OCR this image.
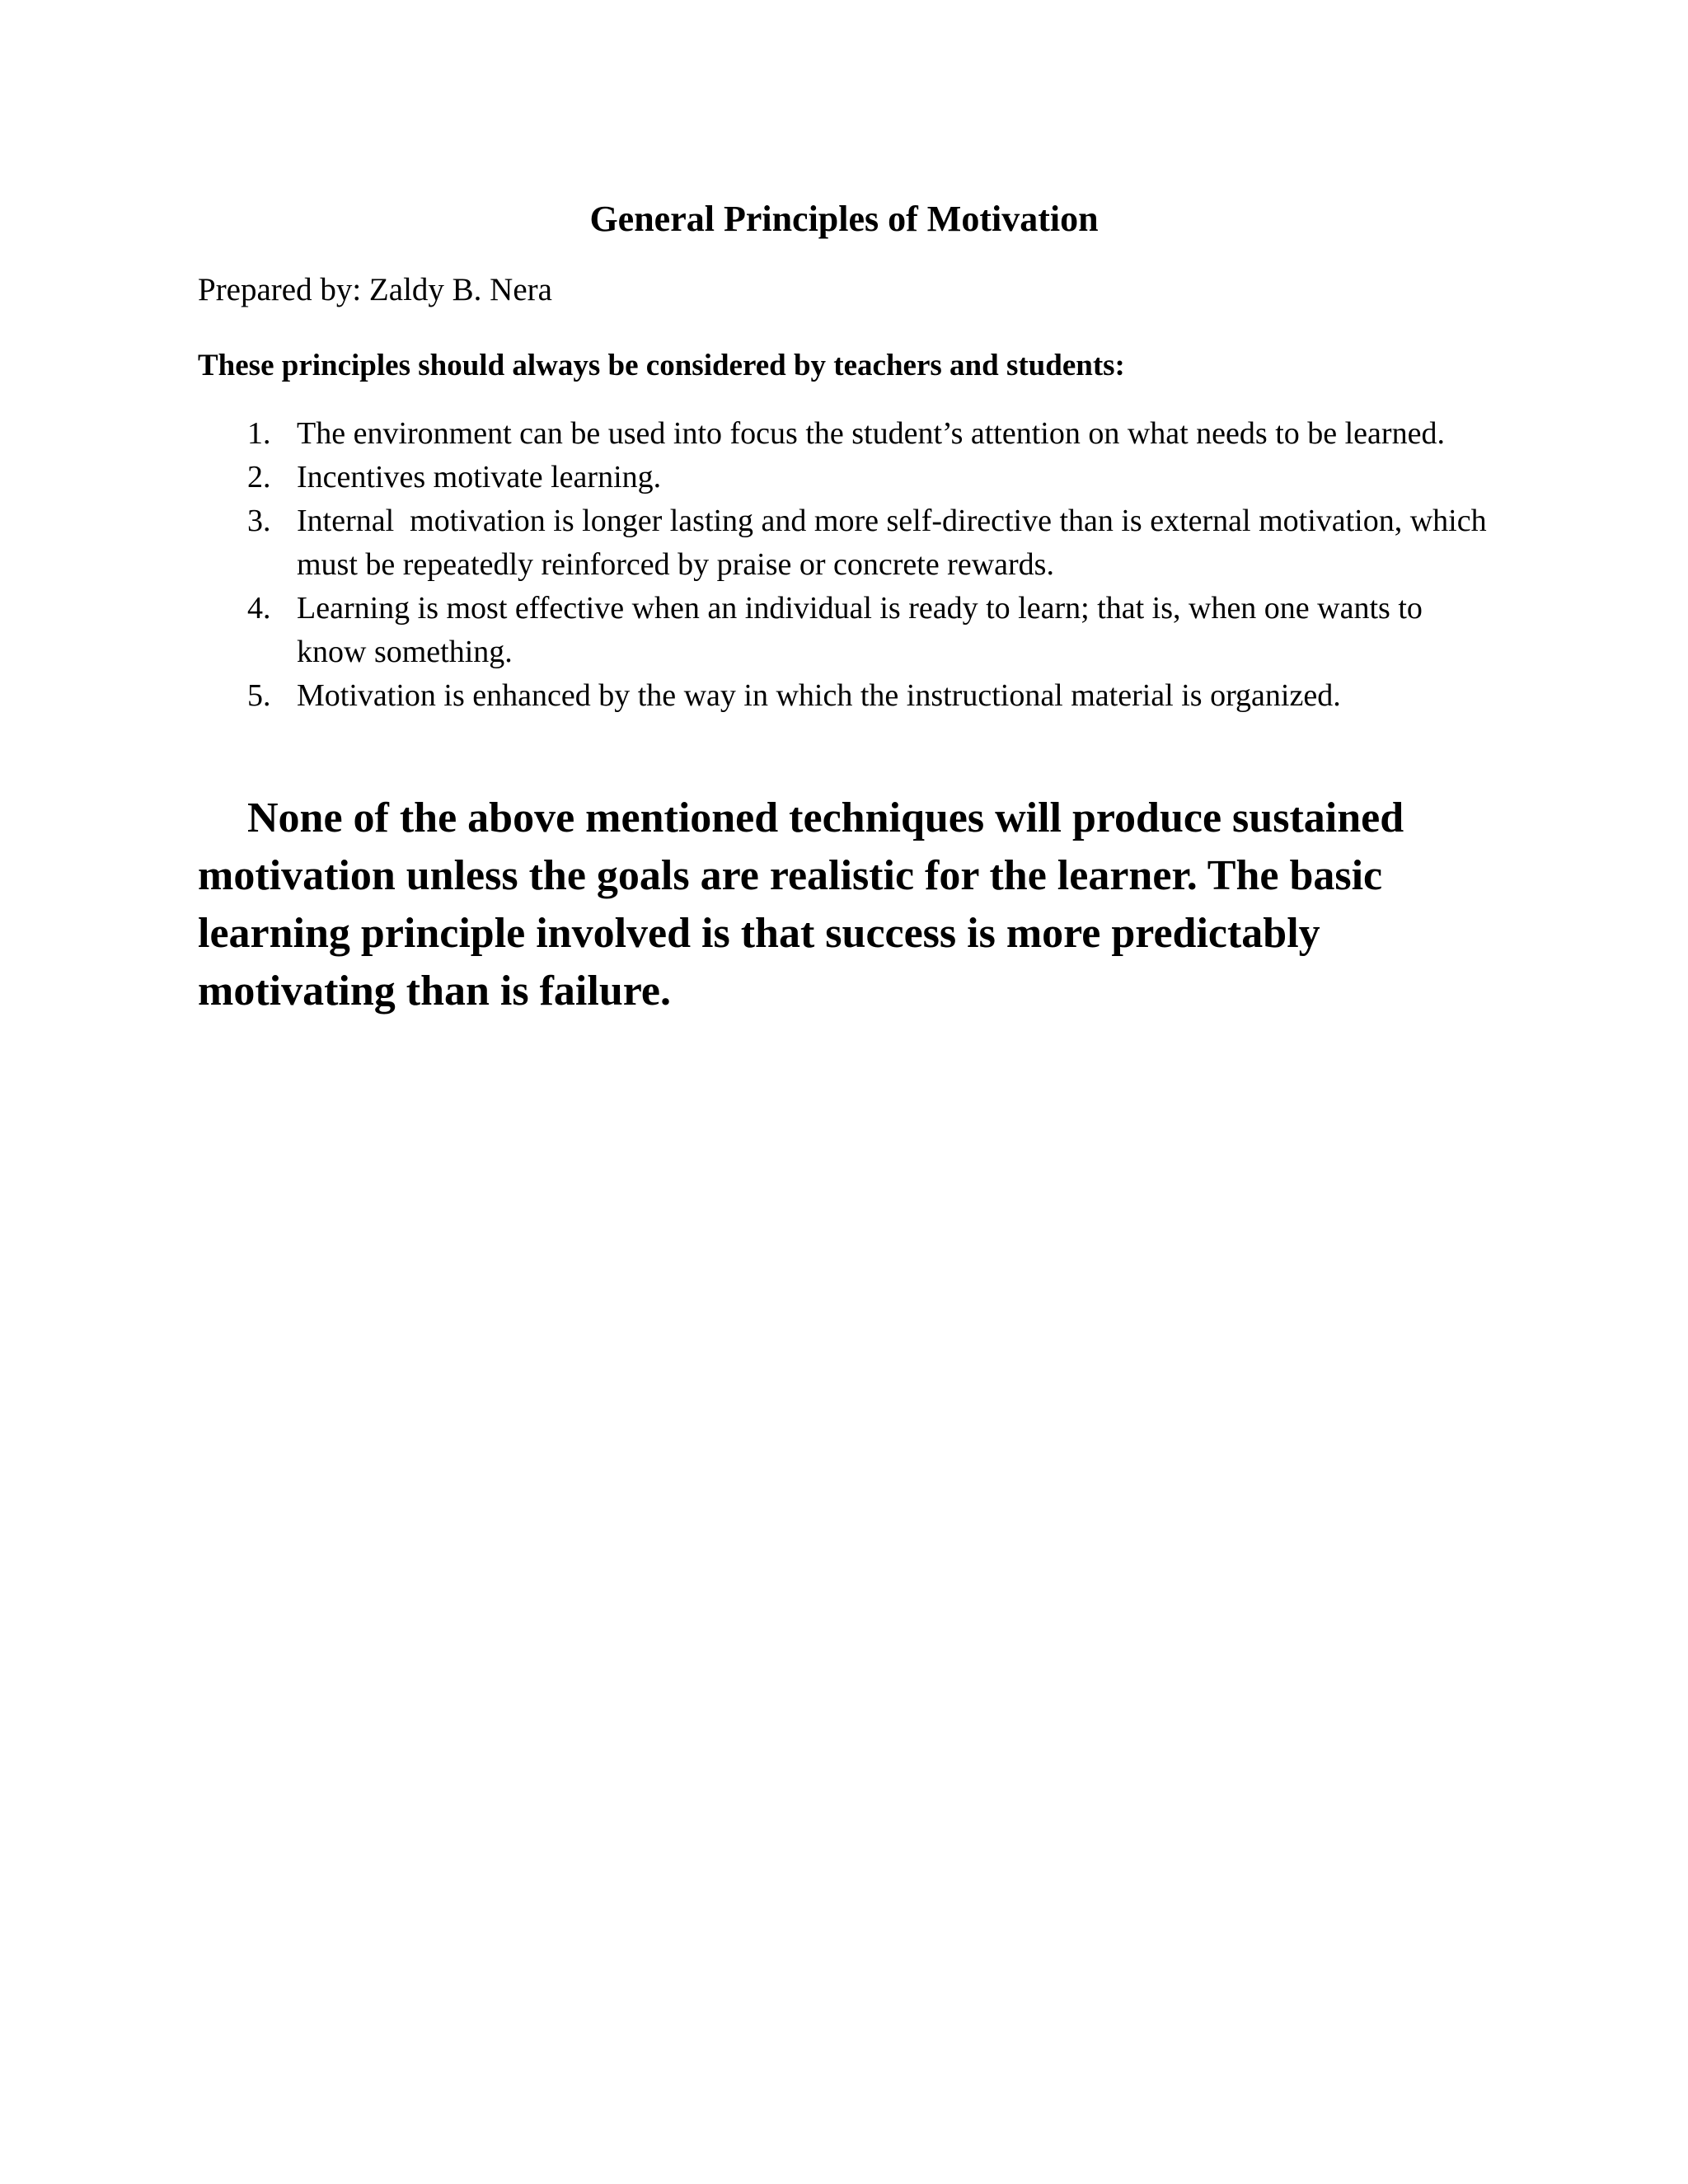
General Principles of Motivation

Prepared by: Zaldy B. Nera

These principles should always be considered by teachers and students:

1. The environment can be used into focus the student’s attention on what needs to be learned.
2. Incentives motivate learning.
3. Internal  motivation is longer lasting and more self-directive than is external motivation, which must be repeatedly reinforced by praise or concrete rewards.
4. Learning is most effective when an individual is ready to learn; that is, when one wants to know something.
5. Motivation is enhanced by the way in which the instructional material is organized.

None of the above mentioned techniques will produce sustained motivation unless the goals are realistic for the learner. The basic learning principle involved is that success is more predictably motivating than is failure.
